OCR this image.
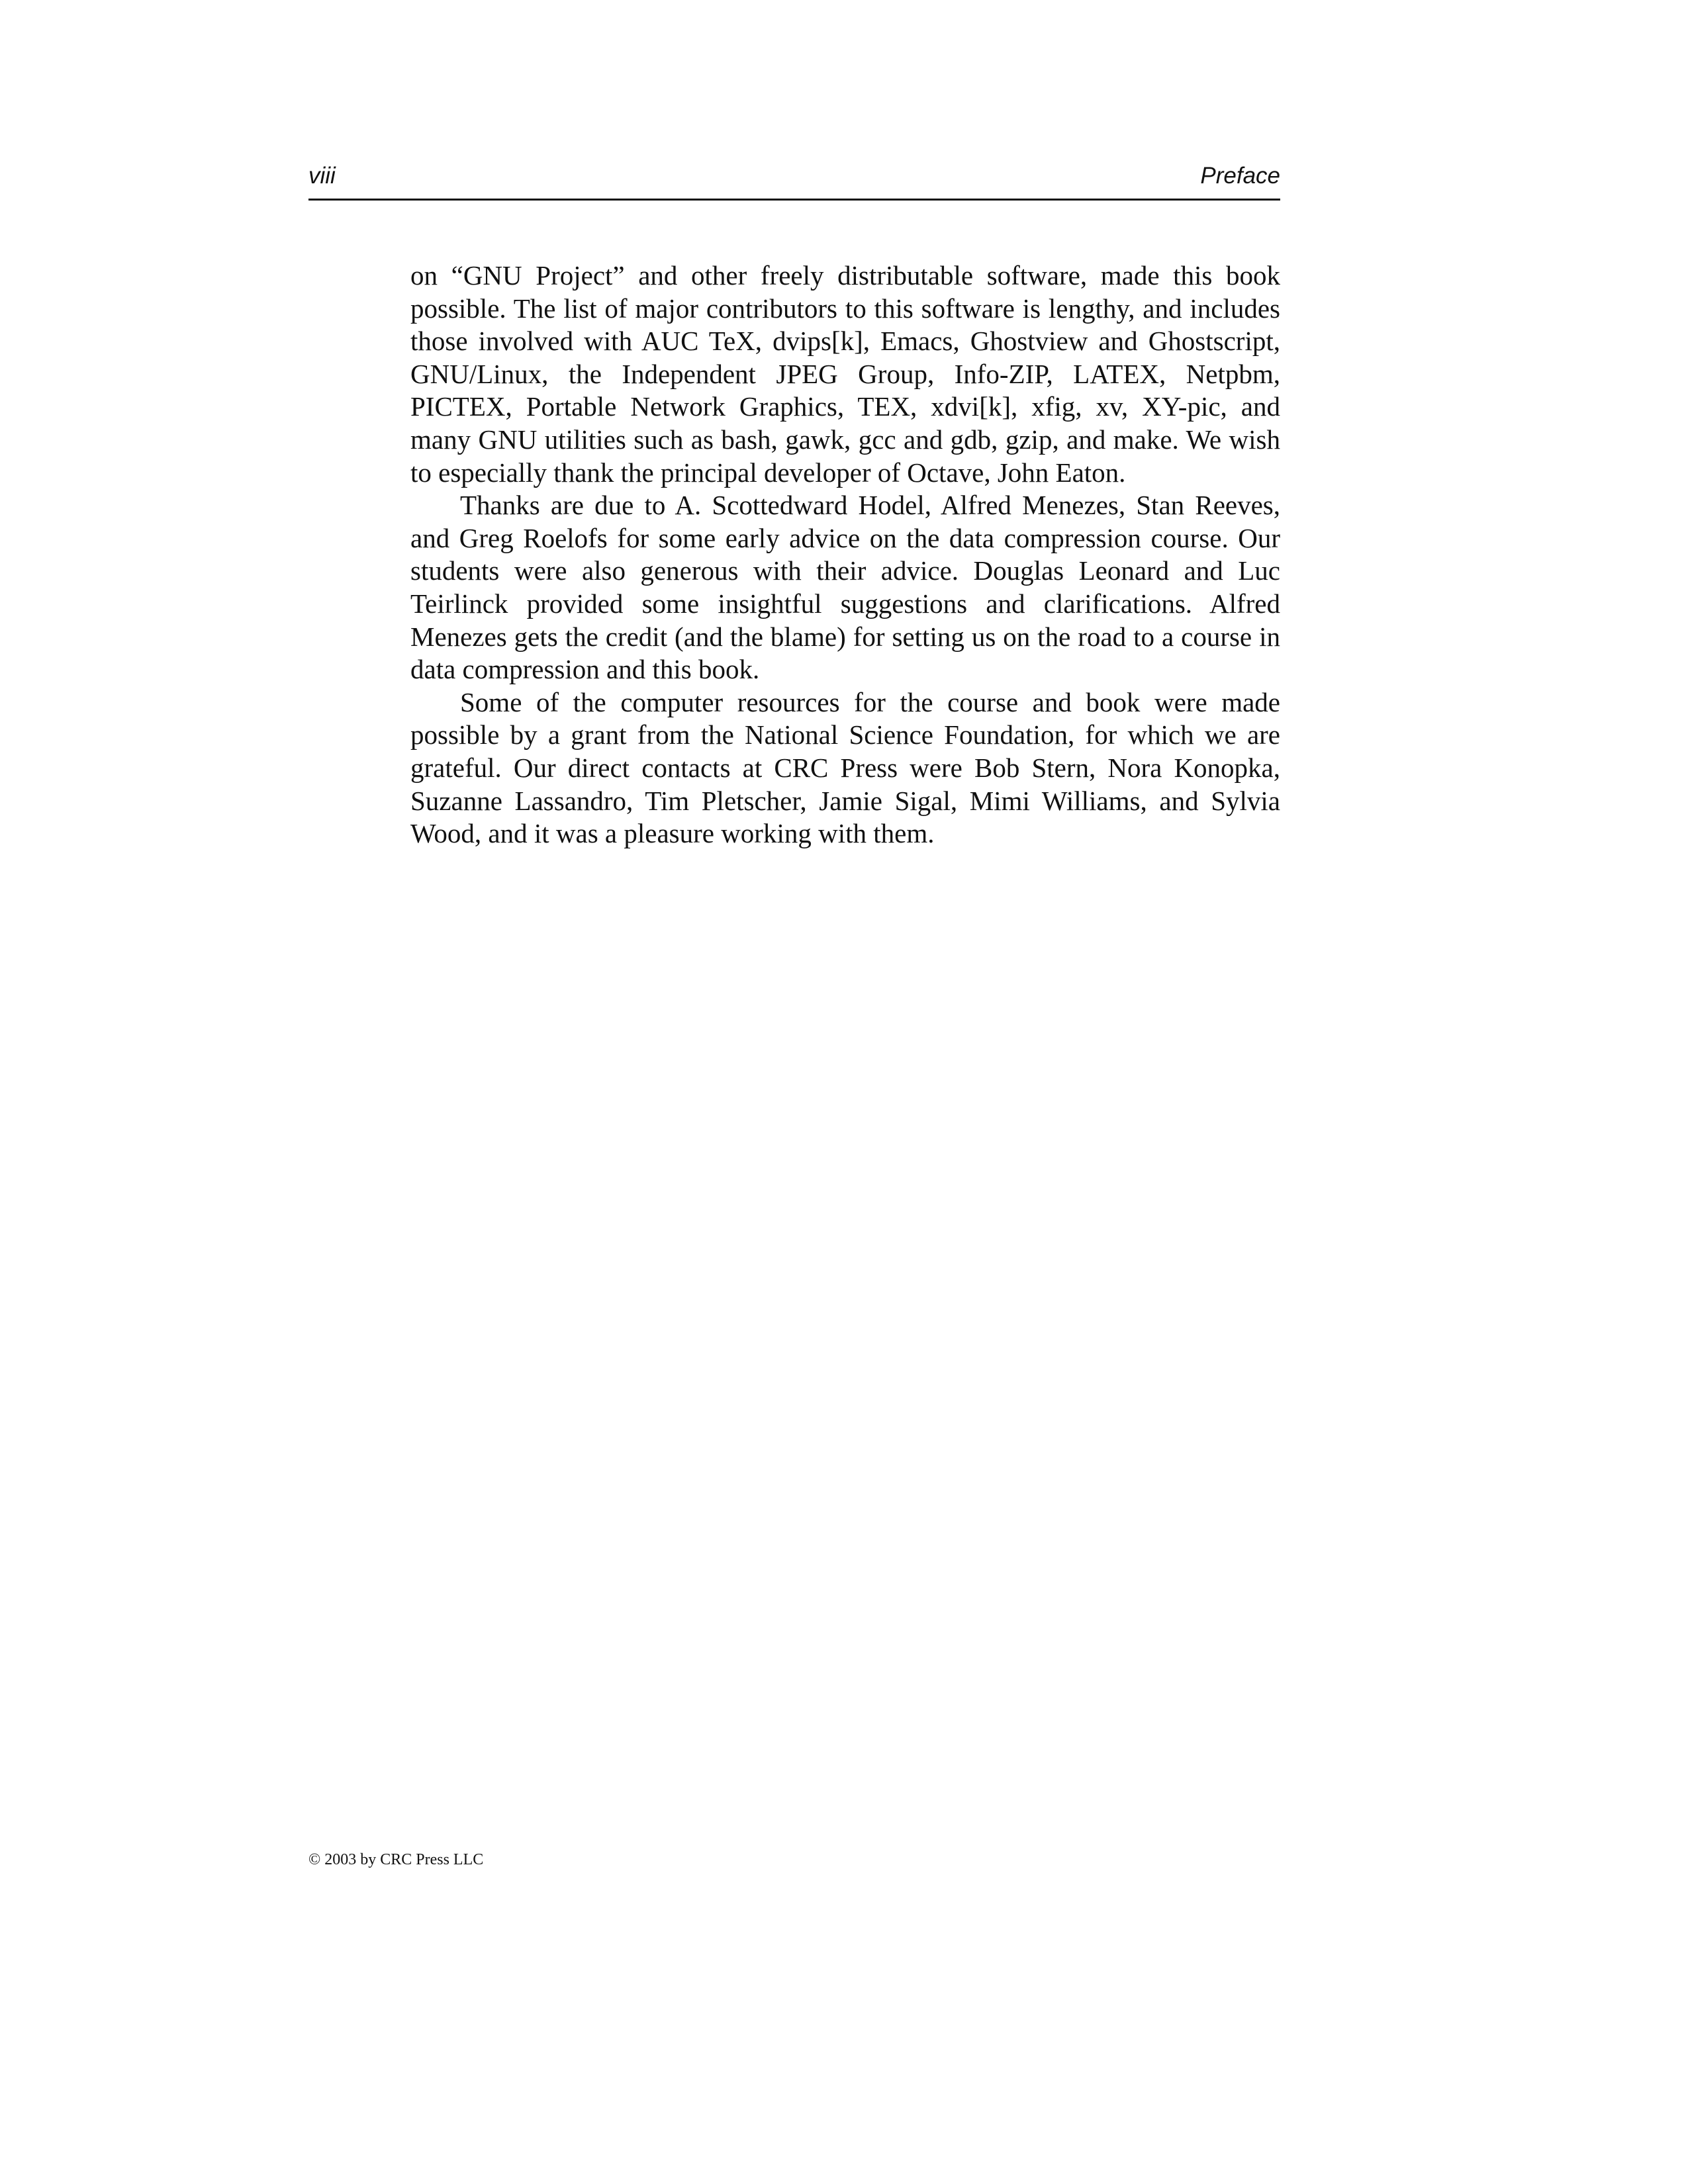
viii	Preface

on “GNU Project” and other freely distributable software, made this book possible. The list of major contributors to this software is lengthy, and includes those involved with AUC TeX, dvips[k], Emacs, Ghostview and Ghostscript, GNU/Linux, the Independent JPEG Group, Info-ZIP, LATEX, Netpbm, PICTEX, Portable Network Graphics, TEX, xdvi[k], xfig, xv, XY-pic, and many GNU utilities such as bash, gawk, gcc and gdb, gzip, and make. We wish to especially thank the principal developer of Octave, John Eaton.

Thanks are due to A. Scottedward Hodel, Alfred Menezes, Stan Reeves, and Greg Roelofs for some early advice on the data compression course. Our students were also generous with their advice. Douglas Leonard and Luc Teirlinck provided some insightful suggestions and clarifications. Alfred Menezes gets the credit (and the blame) for setting us on the road to a course in data compression and this book.

Some of the computer resources for the course and book were made possible by a grant from the National Science Foundation, for which we are grateful. Our direct contacts at CRC Press were Bob Stern, Nora Konopka, Suzanne Lassandro, Tim Pletscher, Jamie Sigal, Mimi Williams, and Sylvia Wood, and it was a pleasure working with them.

© 2003 by CRC Press LLC
